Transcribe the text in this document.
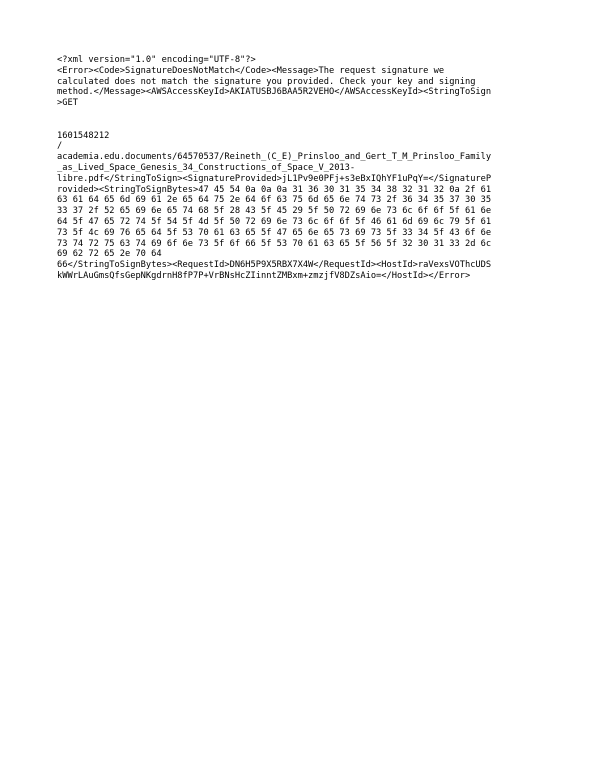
<?xml version="1.0" encoding="UTF-8"?>
<Error><Code>SignatureDoesNotMatch</Code><Message>The request signature we
calculated does not match the signature you provided. Check your key and signing
method.</Message><AWSAccessKeyId>AKIATUSBJ6BAA5R2VEHO</AWSAccessKeyId><StringToSign
>GET
1601548212
/
academia.edu.documents/64570537/Reineth_(C_E)_Prinsloo_and_Gert_T_M_Prinsloo_Family
_as_Lived_Space_Genesis_34_Constructions_of_Space_V_2013-
libre.pdf</StringToSign><SignatureProvided>jL1Pv9e0PFj+s3eBxIQhYF1uPqY=</SignatureP
rovided><StringToSignBytes>47 45 54 0a 0a 0a 31 36 30 31 35 34 38 32 31 32 0a 2f 61
63 61 64 65 6d 69 61 2e 65 64 75 2e 64 6f 63 75 6d 65 6e 74 73 2f 36 34 35 37 30 35
33 37 2f 52 65 69 6e 65 74 68 5f 28 43 5f 45 29 5f 50 72 69 6e 73 6c 6f 6f 5f 61 6e
64 5f 47 65 72 74 5f 54 5f 4d 5f 50 72 69 6e 73 6c 6f 6f 5f 46 61 6d 69 6c 79 5f 61
73 5f 4c 69 76 65 64 5f 53 70 61 63 65 5f 47 65 6e 65 73 69 73 5f 33 34 5f 43 6f 6e
73 74 72 75 63 74 69 6f 6e 73 5f 6f 66 5f 53 70 61 63 65 5f 56 5f 32 30 31 33 2d 6c
69 62 72 65 2e 70 64
66</StringToSignBytes><RequestId>DN6H5P9X5RBX7X4W</RequestId><HostId>raVexsVOThcUDS
kWWrLAuGmsQfsGepNKgdrnH8fP7P+VrBNsHcZIinntZMBxm+zmzjfV8DZsAio=</HostId></Error>
